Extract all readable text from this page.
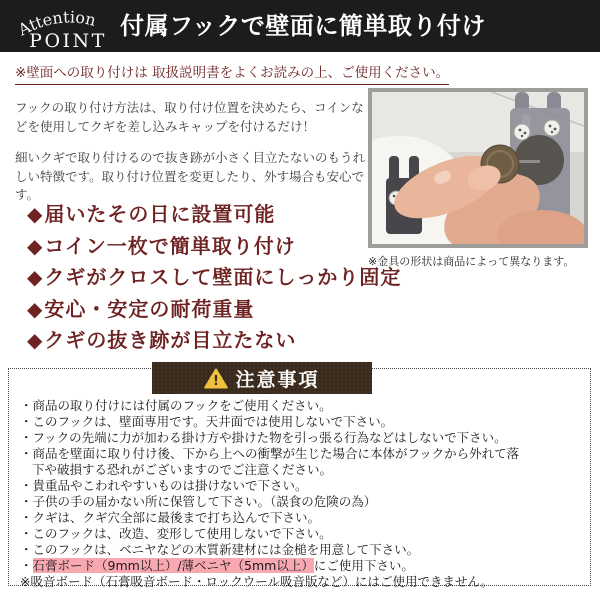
Attention
POINT
付属フックで壁面に簡単取り付け
※壁面への取り付けは 取扱説明書をよくお読みの上、ご使用ください。

フックの取り付け方法は、取り付け位置を決めたら、コインなどを使用してクギを差し込みキャップを付けるだけ！

細いクギで取り付けるので抜き跡が小さく目立たないのもうれしい特徴です。取り付け位置を変更したり、外す場合も安心です。

※金具の形状は商品によって異なります。
◆届いたその日に設置可能
◆コイン一枚で簡単取り付け
◆クギがクロスして壁面にしっかり固定
◆安心・安定の耐荷重量
◆クギの抜き跡が目立たない
! 注意事項
・商品の取り付けには付属のフックをご使用ください。
・このフックは、壁面専用です。天井面では使用しないで下さい。
・フックの先端に力が加わる掛け方や掛けた物を引っ張る行為などはしないで下さい。
・商品を壁面に取り付け後、下から上への衝撃が生じた場合に本体がフックから外れて落下や破損する恐れがございますのでご注意ください。
・貴重品やこわれやすいものは掛けないで下さい。
・子供の手の届かない所に保管して下さい。（誤食の危険の為）
・クギは、クギ穴全部に最後まで打ち込んで下さい。
・このフックは、改造、変形して使用しないで下さい。
・このフックは、ベニヤなどの木質新建材には金槌を用意して下さい。
・石膏ボード（9mm以上）/薄ベニヤ（5mm以上）にご使用下さい。
※吸音ボード（石膏吸音ボード・ロックウール吸音版など）にはご使用できません。
